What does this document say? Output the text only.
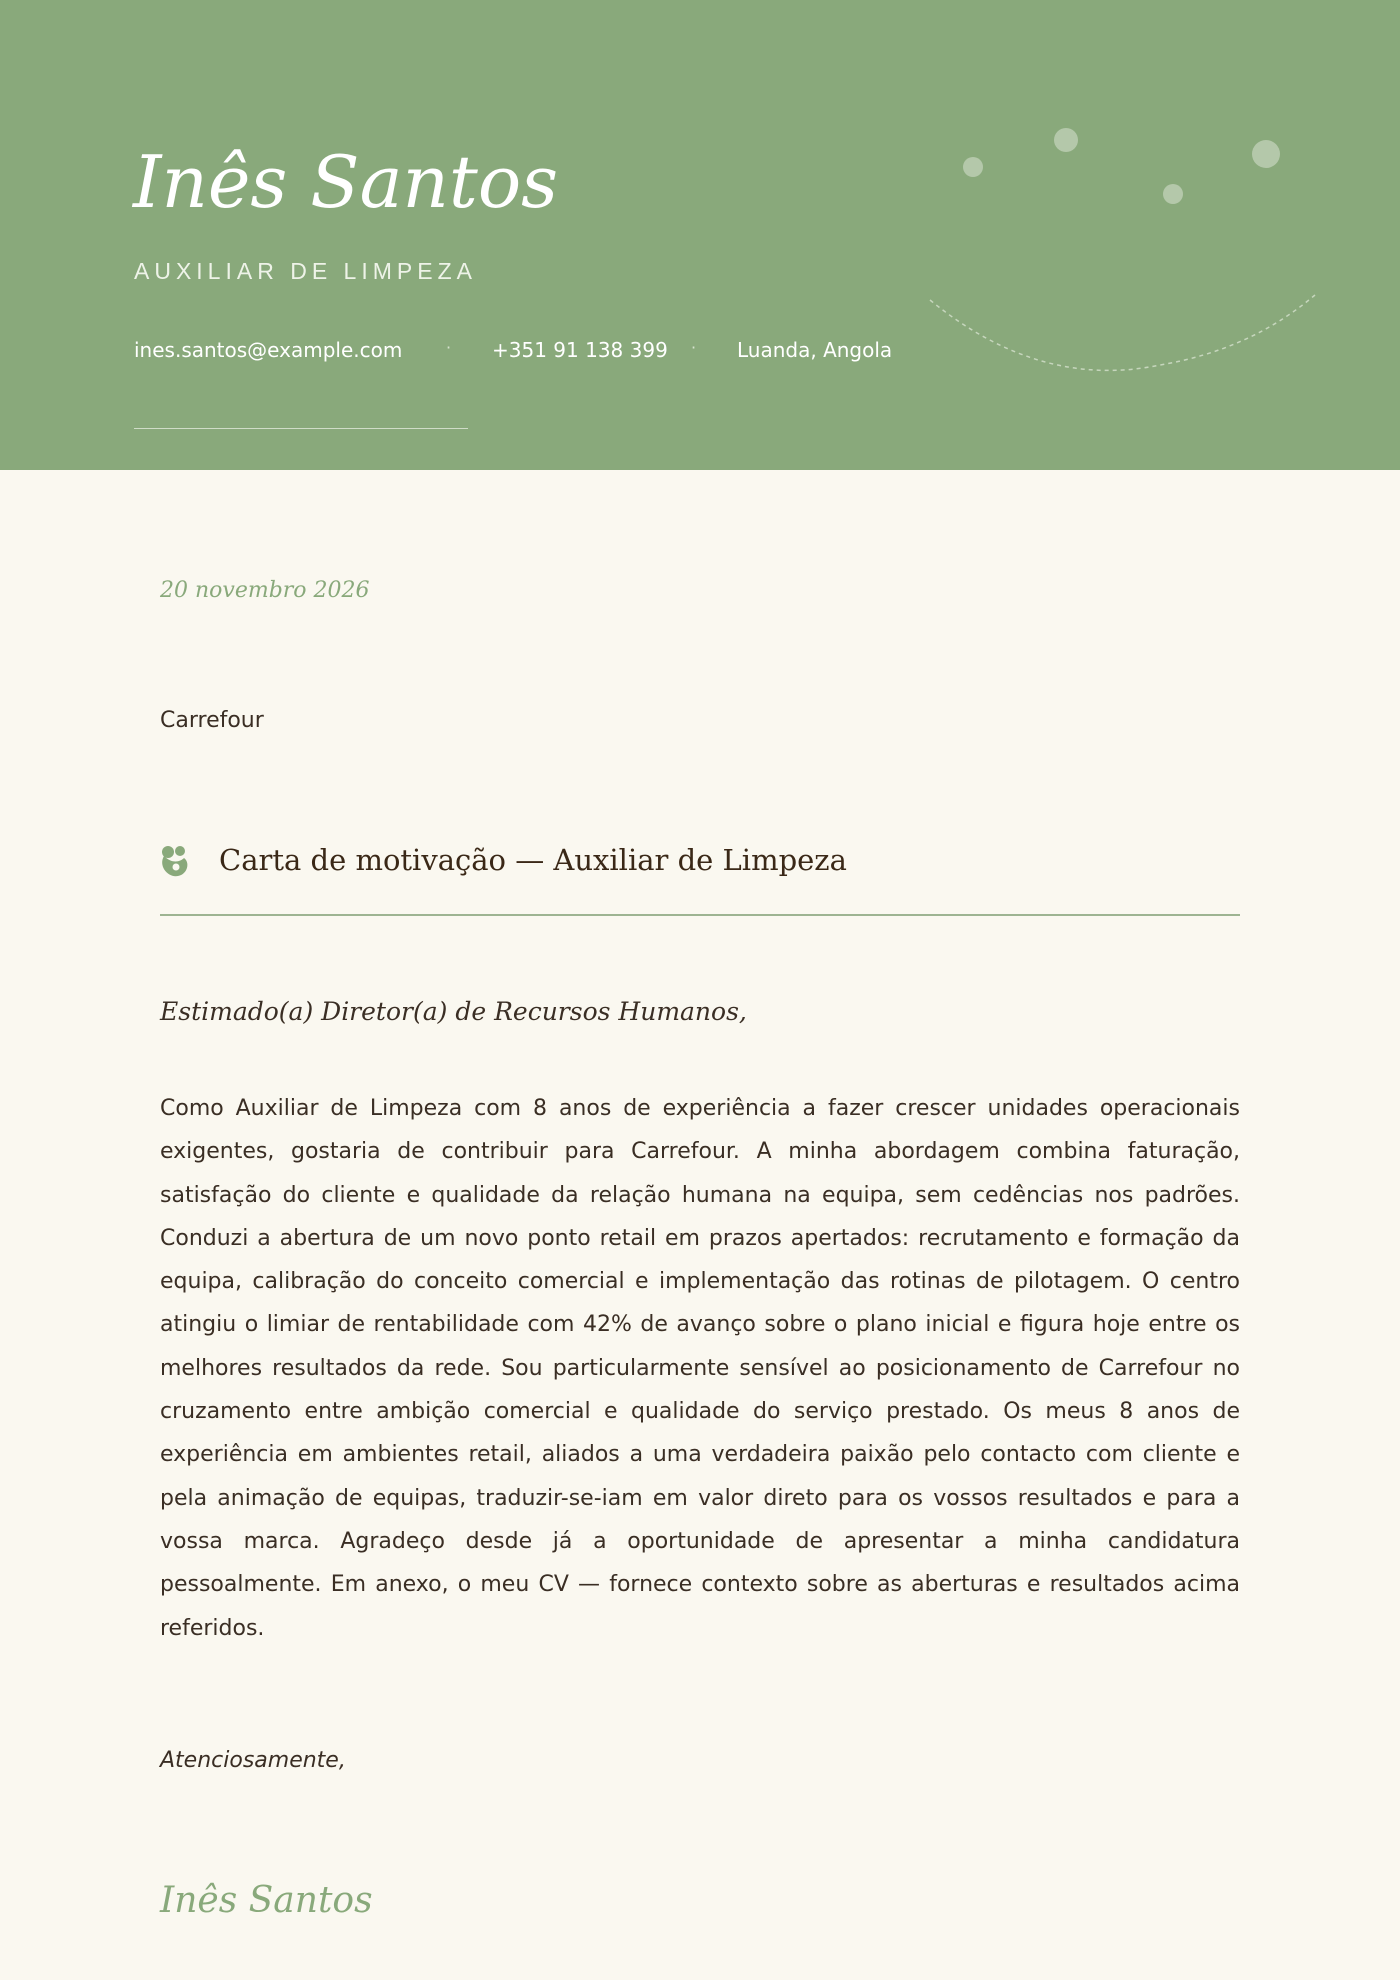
Inês Santos
AUXILIAR DE LIMPEZA
ines.santos@example.com	· +351 91 138 399 · Luanda, Angola
20 novembro 2026
Carrefour
Carta de motivação — Auxiliar de Limpeza
Estimado(a) Diretor(a) de Recursos Humanos,

Como Auxiliar de Limpeza com 8 anos de experiência a fazer crescer unidades operacionais exigentes, gostaria de contribuir para Carrefour. A minha abordagem combina faturação, satisfação do cliente e qualidade da relação humana na equipa, sem cedências nos padrões. Conduzi a abertura de um novo ponto retail em prazos apertados: recrutamento e formação da equipa, calibração do conceito comercial e implementação das rotinas de pilotagem. O centro atingiu o limiar de rentabilidade com 42% de avanço sobre o plano inicial e figura hoje entre os melhores resultados da rede. Sou particularmente sensível ao posicionamento de Carrefour no cruzamento entre ambição comercial e qualidade do serviço prestado. Os meus 8 anos de experiência em ambientes retail, aliados a uma verdadeira paixão pelo contacto com cliente e pela animação de equipas, traduzir-se-iam em valor direto para os vossos resultados e para a vossa marca. Agradeço desde já a oportunidade de apresentar a minha candidatura pessoalmente. Em anexo, o meu CV — fornece contexto sobre as aberturas e resultados acima referidos.

Atenciosamente,
Inês Santos
